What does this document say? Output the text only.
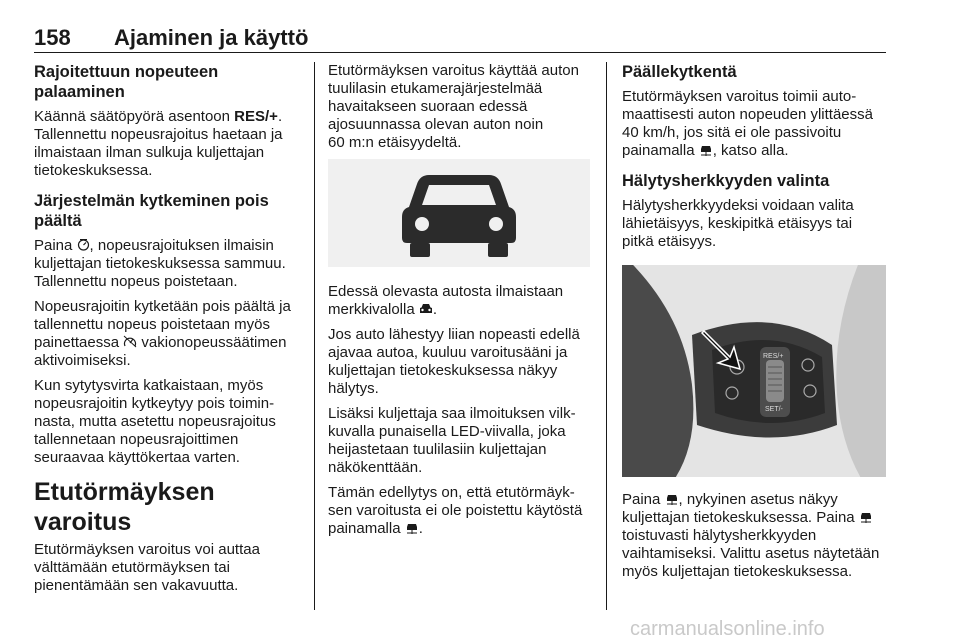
158 Ajaminen ja käyttö
Rajoitettuun nopeuteen palaaminen

Käännä säätöpyörä asentoon RES/+. Tallennettu nopeusrajoitus haetaan ja ilmaistaan ilman sulkuja kuljettajan tietokeskuksessa.

Järjestelmän kytkeminen pois päältä

Paina , nopeusrajoituksen ilmaisin kuljettajan tietokeskuksessa sammuu. Tallennettu nopeus poistetaan.

Nopeusrajoitin kytketään pois päältä ja tallennettu nopeus poistetaan myös painettaessa  vakionopeussäätimen aktivoimiseksi.

Kun sytytysvirta katkaistaan, myös nopeusrajoitin kytkeytyy pois toiminnasta, mutta asetettu nopeusrajoitus tallennetaan nopeusrajoittimen seuraavaa käyttökertaa varten.

Etutörmäyksen varoitus

Etutörmäyksen varoitus voi auttaa välttämään etutörmäyksen tai pienentämään sen vakavuutta.

Etutörmäyksen varoitus käyttää auton tuulilasin etukamerajärjestelmää havaitakseen suoraan edessä ajosuunnassa olevan auton noin
60 m:n etäisyydeltä.

Edessä olevasta autosta ilmaistaan merkkivalolla .

Jos auto lähestyy liian nopeasti edellä ajavaa autoa, kuuluu varoitusääni ja kuljettajan tietokeskuksessa näkyy hälytys.

Lisäksi kuljettaja saa ilmoituksen vilkkuvalla punaisella LED-viivalla, joka heijastetaan tuulilasiin kuljettajan näkökenttään.

Tämän edellytys on, että etutörmäyksen varoitusta ei ole poistettu käytöstä painamalla .

Päällekytkentä

Etutörmäyksen varoitus toimii automaattisesti auton nopeuden ylittäessä 40 km/h, jos sitä ei ole passivoitu painamalla , katso alla.

Hälytysherkkyyden valinta

Hälytysherkkyydeksi voidaan valita lähietäisyys, keskipitkä etäisyys tai pitkä etäisyys.

RES/+
SET/-

Paina , nykyinen asetus näkyy kuljettajan tietokeskuksessa. Paina  toistuvasti hälytysherkkyyden vaihtamiseksi. Valittu asetus näytetään myös kuljettajan tietokeskuksessa.

carmanualsonline.info
